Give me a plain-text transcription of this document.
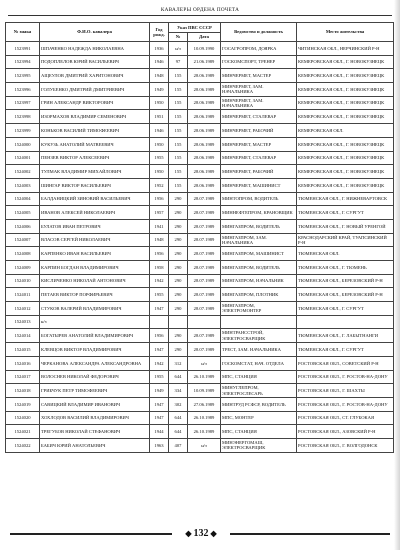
КАВАЛЕРЫ ОРДЕНА ПОЧЕТА
№ знака	Ф.И.О. кавалера	Год рожд.	Указ ПВС СССР		Ведомство и должность	Место жительства
			№	Дата		
1523991	ШПАЧЕНКО НАДЕЖДА НИКОЛАЕВНА	1936	н/з	10.09.1990	ГОСАГРОПРОМ, ДОЯРКА	ЧИТИНСКАЯ ОБЛ., НЕРЧИНСКИЙ Р-Н
1523994	ПОДОПЛЕЛОВ ЮРИЙ ВАСИЛЬЕВИЧ	1946	97	21.06.1989	ГОСКОМСПОРТ, ТРЕНЕР	КЕМЕРОВСКАЯ ОБЛ., Г. НОВОКУЗНЕЦК
1523995	АЩЕУЛОВ ДМИТРИЙ ХАРИТОНОВИЧ	1948	155	28.06.1989	МИНЧЕРМЕТ, МАСТЕР	КЕМЕРОВСКАЯ ОБЛ., Г. НОВОКУЗНЕЦК
1523996	ГОЛУБЕНКО ДМИТРИЙ ДМИТРИЕВИЧ	1949	155	28.06.1989	МИНЧЕРМЕТ, ЗАМ. НАЧАЛЬНИКА	КЕМЕРОВСКАЯ ОБЛ., Г. НОВОКУЗНЕЦК
1523997	ГРИН АЛЕКСАНДР ВИКТОРОВИЧ	1950	155	28.06.1989	МИНЧЕРМЕТ, ЗАМ. НАЧАЛЬНИКА	КЕМЕРОВСКАЯ ОБЛ., Г. НОВОКУЗНЕЦК
1523998	ИЗОРМАХОВ ВЛАДИМИР СЕМЕНОВИЧ	1951	155	28.06.1989	МИНЧЕРМЕТ, СТАЛЕВАР	КЕМЕРОВСКАЯ ОБЛ., Г. НОВОКУЗНЕЦК
1523999	КОНЬКОВ ВАСИЛИЙ ТИМОФЕЕВИЧ	1946	155	28.06.1989	МИНЧЕРМЕТ, РАБОЧИЙ	КЕМЕРОВСКАЯ ОБЛ.
1524000	КУКУЗЬ АНАТОЛИЙ МАТВЕЕВИЧ	1950	155	28.06.1989	МИНЧЕРМЕТ, МАСТЕР	КЕМЕРОВСКАЯ ОБЛ., Г. НОВОКУЗНЕЦК
1524001	ПЕНЗЕВ ВИКТОР АЛЕКСЕЕВИЧ	1955	155	28.06.1989	МИНЧЕРМЕТ, СТАЛЕВАР	КЕМЕРОВСКАЯ ОБЛ., Г. НОВОКУЗНЕЦК
1524002	ТУЛМАК ВЛАДИМИР МИХАЙЛОВИЧ	1950	155	28.06.1989	МИНЧЕРМЕТ, РАБОЧИЙ	КЕМЕРОВСКАЯ ОБЛ., Г. НОВОКУЗНЕЦК
1524003	ШИНГАР ВИКТОР ВАСИЛЬЕВИЧ	1952	155	28.06.1989	МИНЧЕРМЕТ, МАШИНИСТ	КЕМЕРОВСКАЯ ОБЛ., Г. НОВОКУЗНЕЦК
1524004	БАЛДАНИЦКИЙ ЗИНОВИЙ ВАСИЛЬЕВИЧ	1956	290	28.07.1989	МИНТОПРОМ, ВОДИТЕЛЬ	ТЮМЕНСКАЯ ОБЛ., Г. НИЖНЕВАРТОВСК
1524005	ИВАНОВ АЛЕКСЕЙ НИКОЛАЕВИЧ	1957	290	28.07.1989	МИННЕФТЕПРОМ, КРАНОВЩИК	ТЮМЕНСКАЯ ОБЛ., Г. СУРГУТ
1524006	БУЛАТОВ ИВАН ПЕТРОВИЧ	1941	290	28.07.1989	МИНГАЗПРОМ, ВОДИТЕЛЬ	ТЮМЕНСКАЯ ОБЛ., Г. НОВЫЙ УРЕНГОЙ
1524007	ВЛАСОВ СЕРГЕЙ НИКОЛАЕВИЧ	1948	290	28.07.1989	МИНГАЗПРОМ, ЗАМ. НАЧАЛЬНИКА	КРАСНОДАРСКИЙ КРАЙ, ТУАПСИНСКИЙ Р-Н
1524008	КАРПЕНКО ИВАН ВАСИЛЬЕВИЧ	1956	290	28.07.1989	МИНГАЗПРОМ, МАШИНИСТ	ТЮМЕНСКАЯ ОБЛ.
1524009	КАРПИН БОГДАН ВЛАДИМИРОВИЧ	1958	290	28.07.1989	МИНГАЗПРОМ, ВОДИТЕЛЬ	ТЮМЕНСКАЯ ОБЛ., Г. ТЮМЕНЬ
1524010	КИСЛИЧЕНКО НИКОЛАЙ АНТОНОВИЧ	1942	290	28.07.1989	МИНГАЗПРОМ, НАЧАЛЬНИК	ТЮМЕНСКАЯ ОБЛ., БЕРЕЗОВСКИЙ Р-Н
1524011	ПЕТАЕВ ВИКТОР ПОРФИРЬЕВИЧ	1955	290	28.07.1989	МИНГАЗПРОМ, ПЛОТНИК	ТЮМЕНСКАЯ ОБЛ., БЕРЕЗОВСКИЙ Р-Н
1524012	СТУКОВ ВАЛЕРИЙ ВЛАДИМИРОВИЧ	1947	290	28.07.1989	МИНГАЗПРОМ, ЭЛЕКТРОМОНТЕР	ТЮМЕНСКАЯ ОБЛ., Г. СУРГУТ
1524013	н/з					
1524014	БОГАТЫРЕВ АНАТОЛИЙ ВЛАДИМИРОВИЧ	1956	290	28.07.1989	МИНТРАНССТРОЙ, ЭЛЕКТРОСВАРЩИК	ТЮМЕНСКАЯ ОБЛ., Г. ЛАБЫТНАНГИ
1524015	КЛЕВЦОВ ВИКТОР ВЛАДИМИРОВИЧ	1947	290	28.07.1989	ТРЕСТ, ЗАМ. НАЧАЛЬНИКА	ТЮМЕНСКАЯ ОБЛ., Г. СУРГУТ
1524016	ЧЕРКАНОВА АЛЕКСАНДРА АЛЕКСАНДРОВНА	1942	312	н/з	ГОСКОМСТАТ, НАЧ. ОТДЕЛА	РОСТОВСКАЯ ОБЛ., СОВЕТСКИЙ Р-Н
1524017	ВОЛОСНЕВ НИКОЛАЙ ФЕДОРОВИЧ	1955	644	26.10.1989	МПС, СТАНЦИЯ	РОСТОВСКАЯ ОБЛ., Г. РОСТОВ-НА-ДОНУ
1524018	ГРИБЧУК ПЕТР ТИМОФЕЕВИЧ	1949	334	10.09.1989	МИНУГЛЕПРОМ, ЭЛЕКТРОСЛЕСАРЬ	РОСТОВСКАЯ ОБЛ., Г. ШАХТЫ
1524019	САВИЦКИЙ ВЛАДИМИР ИВАНОВИЧ	1947	302	27.06.1989	МИНТРУД РСФСР, ВОДИТЕЛЬ	РОСТОВСКАЯ ОБЛ., Г. РОСТОВ-НА-ДОНУ
1524020	ХОХЛОДОВ ВАСИЛИЙ ВЛАДИМИРОВИЧ	1947	644	26.10.1989	МПС, МОНТЕР	РОСТОВСКАЯ ОБЛ., СТ. ГЛУБОКАЯ
1524021	ТРЕГУБОВ НИКОЛАЙ СТЕФАНОВИЧ	1944	644	26.10.1989	МПС, СТАНЦИЯ	РОСТОВСКАЯ ОБЛ., АЗОВСКИЙ Р-Н
1524022	БАБИЧ ЮРИЙ АНАТОЛЬЕВИЧ	1963	407	н/з	МИНЭНЕРГОМАШ, ЭЛЕКТРОСВАРЩИК	РОСТОВСКАЯ ОБЛ., Г. ВОЛГОДОНСК
◆ 132 ◆
